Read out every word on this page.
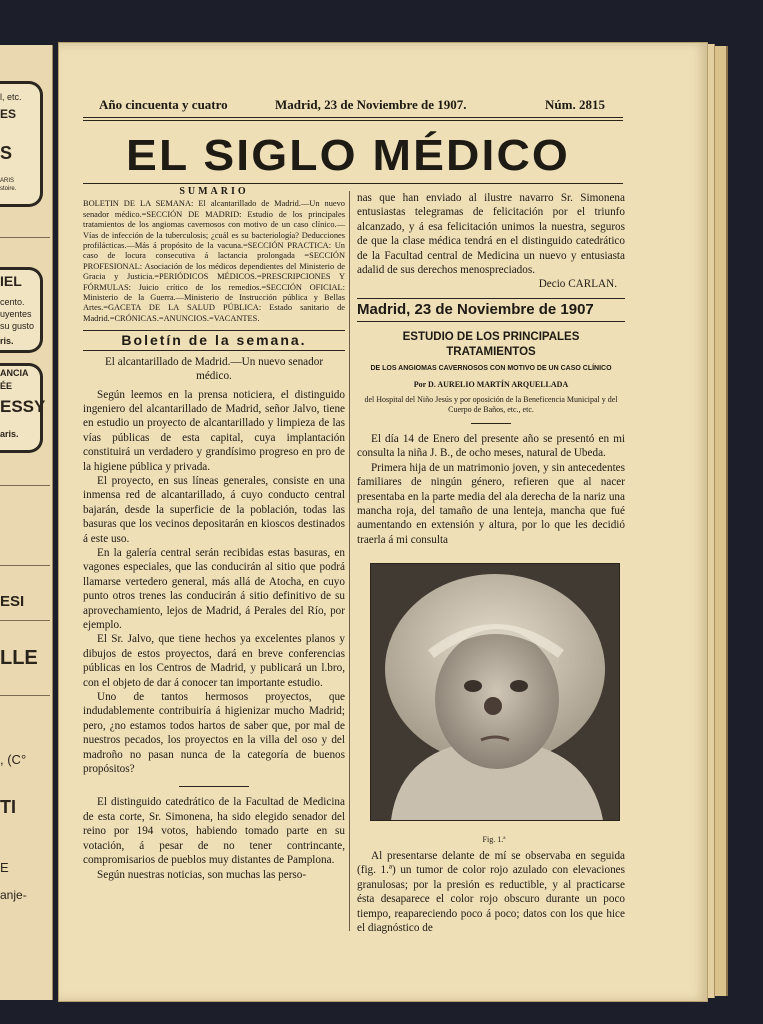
l, etc.
ES
S
ARIS
stoire.
IEL
cento.
uyentes
su gusto
ris.
ANCIA
ÉE
ESSY
aris.
ESI
LLE
, (C°
TI
E
anje-
Año cincuenta y cuatro	Madrid, 23 de Noviembre de 1907.	Núm. 2815
EL SIGLO MÉDICO
SUMARIO

BOLETIN DE LA SEMANA: El alcantarillado de Madrid.—Un nuevo senador médico.=SECCIÓN DE MADRID: Estudio de los principales tratamientos de los angiomas cavernosos con motivo de un caso clínico.—Vías de infección de la tuberculosis; ¿cuál es su bacteriología? Deducciones profilácticas.—Más á propósito de la vacuna.=SECCIÓN PRACTICA: Un caso de locura consecutiva á lactancia prolongada =SECCIÓN PROFESIONAL: Asociación de los médicos dependientes del Ministerio de Gracia y Justicia.=PERIÓDICOS MÉDICOS.=PRESCRIPCIONES Y FÓRMULAS: Juicio crítico de los remedios.=SECCIÓN OFICIAL: Ministerio de la Guerra.—Ministerio de Instrucción pública y Bellas Artes.=GACETA DE LA SALUD PÚBLICA: Estado sanitario de Madrid.=CRÓNICAS.=ANUNCIOS.=VACANTES.

Boletín de la semana.

El alcantarillado de Madrid.—Un nuevo senador médico.

Según leemos en la prensa noticiera, el distinguido ingeniero del alcantarillado de Madrid, señor Jalvo, tiene en estudio un proyecto de alcantarillado y limpieza de las vías públicas de esta capital, cuya implantación constituirá un verdadero y grandísimo progreso en pro de la higiene pública y privada.

El proyecto, en sus líneas generales, consiste en una inmensa red de alcantarillado, á cuyo conducto central bajarán, desde la superficie de la población, todas las basuras que los vecinos depositarán en kioscos destinados á este uso.

En la galería central serán recibidas estas basuras, en vagones especiales, que las conducirán al sitio que podrá llamarse vertedero general, más allá de Atocha, en cuyo punto otros trenes las conducirán á sitio definitivo de su aprovechamiento, lejos de Madrid, á Perales del Río, por ejemplo.

El Sr. Jalvo, que tiene hechos ya excelentes planos y dibujos de estos proyectos, dará en breve conferencias públicas en los Centros de Madrid, y publicará un l.bro, con el objeto de dar á conocer tan importante estudio.

Uno de tantos hermosos proyectos, que indudablemente contribuiría á higienizar mucho Madrid; pero, ¿no estamos todos hartos de saber que, por mal de nuestros pecados, los proyectos en la villa del oso y del madroño no pasan nunca de la categoría de buenos propósitos?

El distinguido catedrático de la Facultad de Medicina de esta corte, Sr. Simonena, ha sido elegido senador del reino por 194 votos, habiendo tomado parte en su votación, á pesar de no tener contrincante, compromisarios de pueblos muy distantes de Pamplona.

Según nuestras noticias, son muchas las perso-

nas que han enviado al ilustre navarro Sr. Simonena entusiastas telegramas de felicitación por el triunfo alcanzado, y á esa felicitación unimos la nuestra, seguros de que la clase médica tendrá en el distinguido catedrático de la Facultad central de Medicina un nuevo y entusiasta adalid de sus derechos menospreciados.

Decio CARLAN.

Madrid, 23 de Noviembre de 1907
ESTUDIO DE LOS PRINCIPALES TRATAMIENTOS
DE LOS ANGIOMAS CAVERNOSOS CON MOTIVO DE UN CASO CLÍNICO
Por D. AURELIO MARTÍN ARQUELLADA
del Hospital del Niño Jesús y por oposición de la Beneficencia Municipal y del Cuerpo de Baños, etc., etc.

El día 14 de Enero del presente año se presentó en mi consulta la niña J. B., de ocho meses, natural de Ubeda.

Primera hija de un matrimonio joven, y sin antecedentes familiares de ningún género, refieren que al nacer presentaba en la parte media del ala derecha de la nariz una mancha roja, del tamaño de una lenteja, mancha que fué aumentando en extensión y altura, por lo que les decidió traerla á mi consulta

Fig. 1.ª

Al presentarse delante de mí se observaba en seguida (fig. 1.ª) un tumor de color rojo azulado con elevaciones granulosas; por la presión es reductible, y al practicarse ésta desaparece el color rojo obscuro durante un poco tiempo, reapareciendo poco á poco; datos con los que hice el diagnóstico de
